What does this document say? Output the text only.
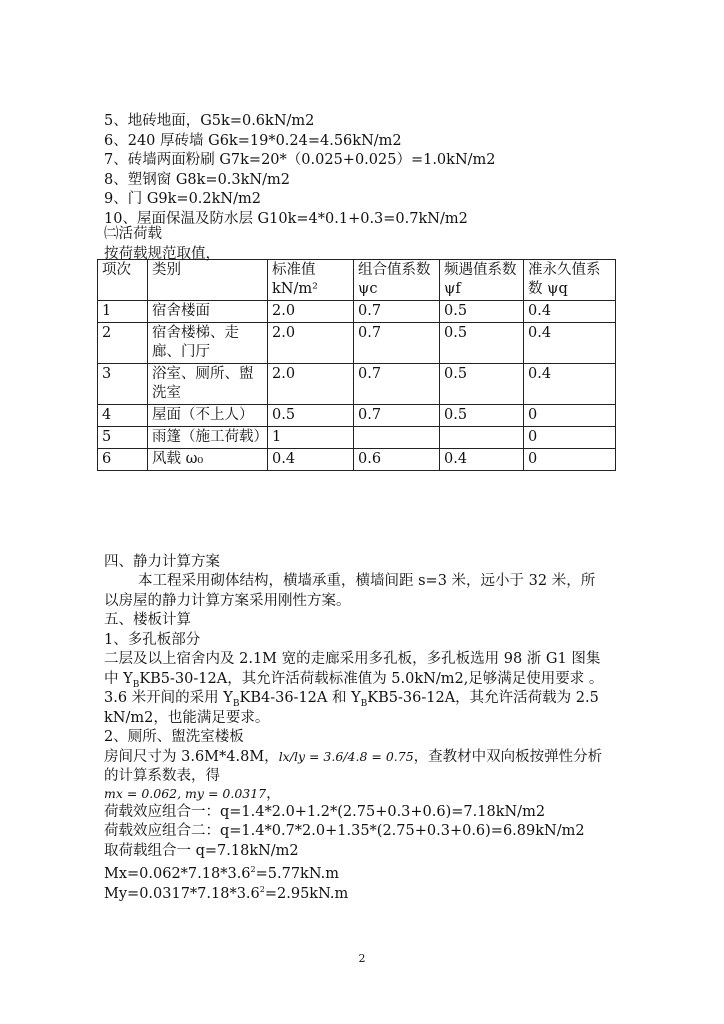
5、地砖地面，G5k=0.6kN/m2
6、240 厚砖墙 G6k=19*0.24=4.56kN/m2
7、砖墙两面粉刷 G7k=20*（0.025+0.025）=1.0kN/m2
8、塑钢窗 G8k=0.3kN/m2
9、门 G9k=0.2kN/m2
10、屋面保温及防水层 G10k=4*0.1+0.3=0.7kN/m2
㈡活荷载
按荷载规范取值，
项次	类别	标准值 kN/m²	组合值系数 ψc	频遇值系数 ψf	准永久值系数 ψq
1	宿舍楼面	2.0	0.7	0.5	0.4
2	宿舍楼梯、走廊、门厅	2.0	0.7	0.5	0.4
3	浴室、厕所、盥洗室	2.0	0.7	0.5	0.4
4	屋面（不上人）	0.5	0.7	0.5	0
5	雨篷（施工荷载）	1			0
6	风载 ω₀	0.4	0.6	0.4	0
四、静力计算方案
本工程采用砌体结构，横墙承重，横墙间距 s=3 米，远小于 32 米，所
以房屋的静力计算方案采用刚性方案。
五、楼板计算
1、多孔板部分
二层及以上宿舍内及 2.1M 宽的走廊采用多孔板，多孔板选用 98 浙 G1 图集
中 $Y_BKB5-30-12A$，其允许活荷载标准值为 5.0kN/m2,足够满足使用要求 。
3.6 米开间的采用 $Y_BKB4-36-12A$ 和 $Y_BKB5-36-12A$，其允许活荷载为 2.5
kN/m2，也能满足要求。
2、厕所、盥洗室楼板
房间尺寸为 3.6M*4.8M，lx/ly = 3.6/4.8 = 0.75，查教材中双向板按弹性分析
的计算系数表，得
mx = 0.062, my = 0.0317，
荷载效应组合一：q=1.4*2.0+1.2*(2.75+0.3+0.6)=7.18kN/m2
荷载效应组合二：q=1.4*0.7*2.0+1.35*(2.75+0.3+0.6)=6.89kN/m2
取荷载组合一 q=7.18kN/m2
$Mx=0.062*7.18*3.6^2=5.77kN.m$
$My=0.0317*7.18*3.6^2=2.95kN.m$
2
